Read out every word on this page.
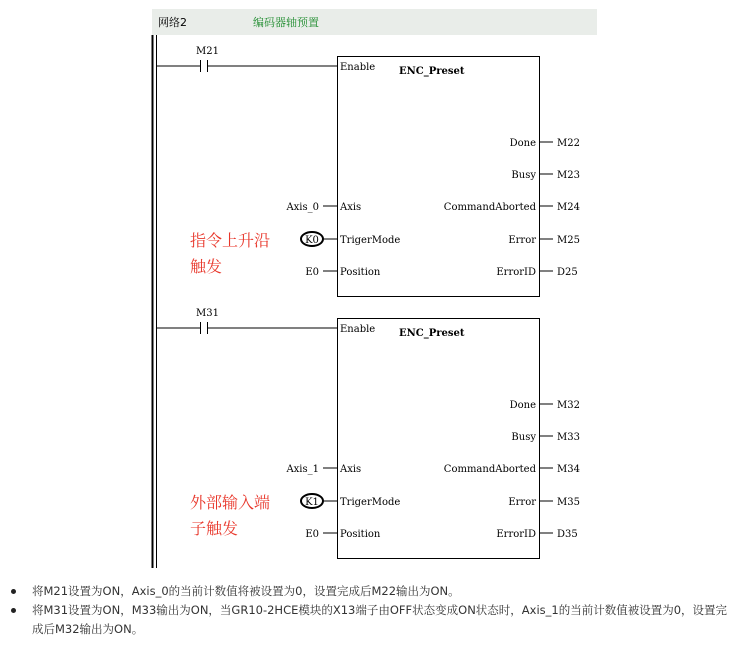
网络2	编码器轴预置
M21
Enable ENC_Preset
Done M22
Busy M23
CommandAborted M24
Error M25
ErrorID D25
Axis
Axis_0
TrigerMode
K0
Position
E0
指令上升沿
触发
M31
Enable ENC_Preset
Done M32
Busy M33
CommandAborted M34
Error M35
ErrorID D35
Axis
Axis_1
TrigerMode
K1
Position
E0
外部输入端
子触发
将M21设置为ON，Axis_0的当前计数值将被设置为0，设置完成后M22输出为ON。
将M31设置为ON，M33输出为ON，当GR10-2HCE模块的X13端子由OFF状态变成ON状态时，Axis_1的当前计数值被设置为0，设置完成后M32输出为ON。
